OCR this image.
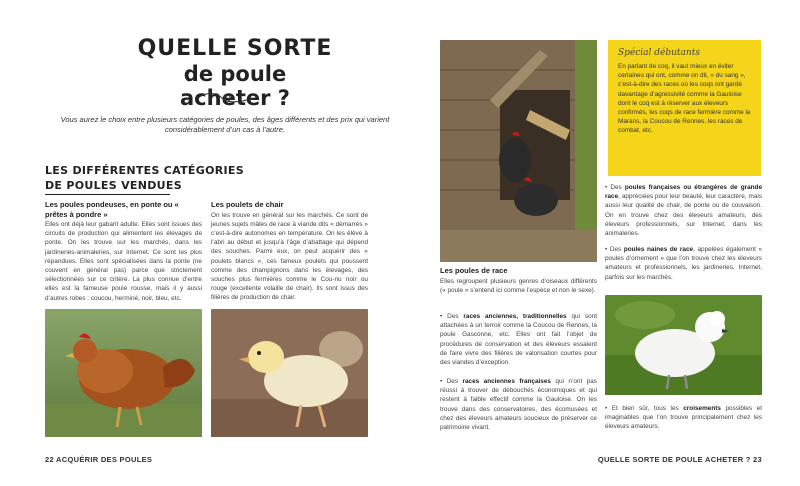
QUELLE SORTE
de poule acheter ?
Vous aurez le choix entre plusieurs catégories de poules, des âges différents et des prix qui varient considérablement d’un cas à l’autre.
LES DIFFÉRENTES CATÉGORIES
DE POULES VENDUES
Les poules pondeuses, en ponte ou « prêtes à pondre »
Elles ont déjà leur gabarit adulte. Elles sont issues des circuits de production qui alimentent les élevages de ponte. On les trouve sur les marchés, dans les jardineries-animaleries, sur Internet. Ce sont les plus répandues. Elles sont spécialisées dans la ponte (ne couvent en général pas) parce que strictement sélectionnées sur ce critère. La plus connue d’entre elles est la fameuse poule rousse, mais il y aussi d’autres robes : coucou, herminé, noir, bleu, etc.
Les poulets de chair
On les trouve en général sur les marchés. Ce sont de jeunes sujets mâles de race à viande dits « démarrés » c’est-à-dire autonomes en température. On les élève à l’abri au début et jusqu’à l’âge d’abattage qui dépend des souches. Parmi eux, on peut acquérir des « poulets blancs », ces fameux poulets qui poussent comme des champignons dans les élevages, des souches plus fermières comme le Cou-nu noir ou rouge (excellente volaille de chair). Ils sont issus des filières de production de chair.
22 ACQUÉRIR DES POULES
Spécial débutants
En parlant de coq, il vaut mieux en éviter certaines qui ont, comme on dit, « du sang », c’est-à-dire des races où les coqs ont gardé davantage d’agressivité comme la Gauloise dont le coq est à réserver aux éleveurs confirmés, les coqs de race fermière comme la Marans, la Coucou de Rennes, les races de combat, etc.
Les poules de race
Elles regroupent plusieurs genres d’oiseaux différents (« poule » s’entend ici comme l’espèce et non le sexe).
• Des races anciennes, traditionnelles qui sont attachées à un terroir comme la Coucou de Rennes, la poule Gasconne, etc. Elles ont fait l’objet de procédures de conservation et des éleveurs essaient de faire vivre des filières de valorisation courtes pour des viandes d’exception.
• Des races anciennes françaises qui n’ont pas réussi à trouver de débouchés économiques et qui restent à faible effectif comme la Gauloise. On les trouve dans des conservatoires, des écomusées et chez des éleveurs amateurs soucieux de préserver ce patrimoine vivant.
• Des poules françaises ou étrangères de grande race, appréciées pour leur beauté, leur caractère, mais aussi leur qualité de chair, de ponte ou de couvaison. On en trouve chez des éleveurs amateurs, des éleveurs professionnels, sur Internet, dans les animaleries.
• Des poules naines de race, appelées également « poules d’ornement » que l’on trouve chez les éleveurs amateurs et professionnels, les jardineries, Internet, parfois sur les marchés.
• Et bien sûr, tous les croisements possibles et imaginables que l’on trouve principalement chez les éleveurs amateurs.
QUELLE SORTE DE POULE ACHETER ? 23
